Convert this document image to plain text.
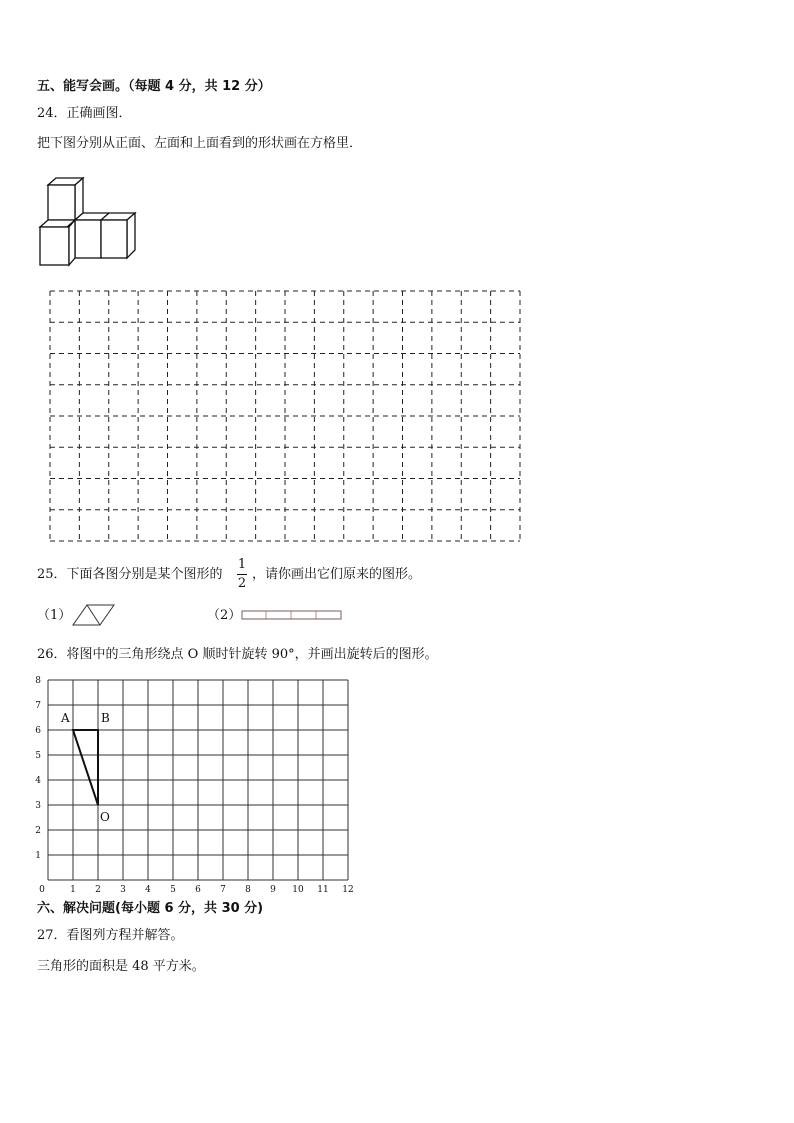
五、能写会画。（每题 4 分，共 12 分）
24．正确画图．
把下图分别从正面、左面和上面看到的形状画在方格里．
25．下面各图分别是某个图形的
1
2
，请你画出它们原来的图形。
（1）	（2）
26．将图中的三角形绕点 O 顺时针旋转 90°，并画出旋转后的图形。
0	1 2 3 4 5 6 7 8 9 10 11 12
1
2
3
4
5
6
7
8
A	B
O
六、解决问题(每小题 6 分，共 30 分)
27．看图列方程并解答。
三角形的面积是 48 平方米。
